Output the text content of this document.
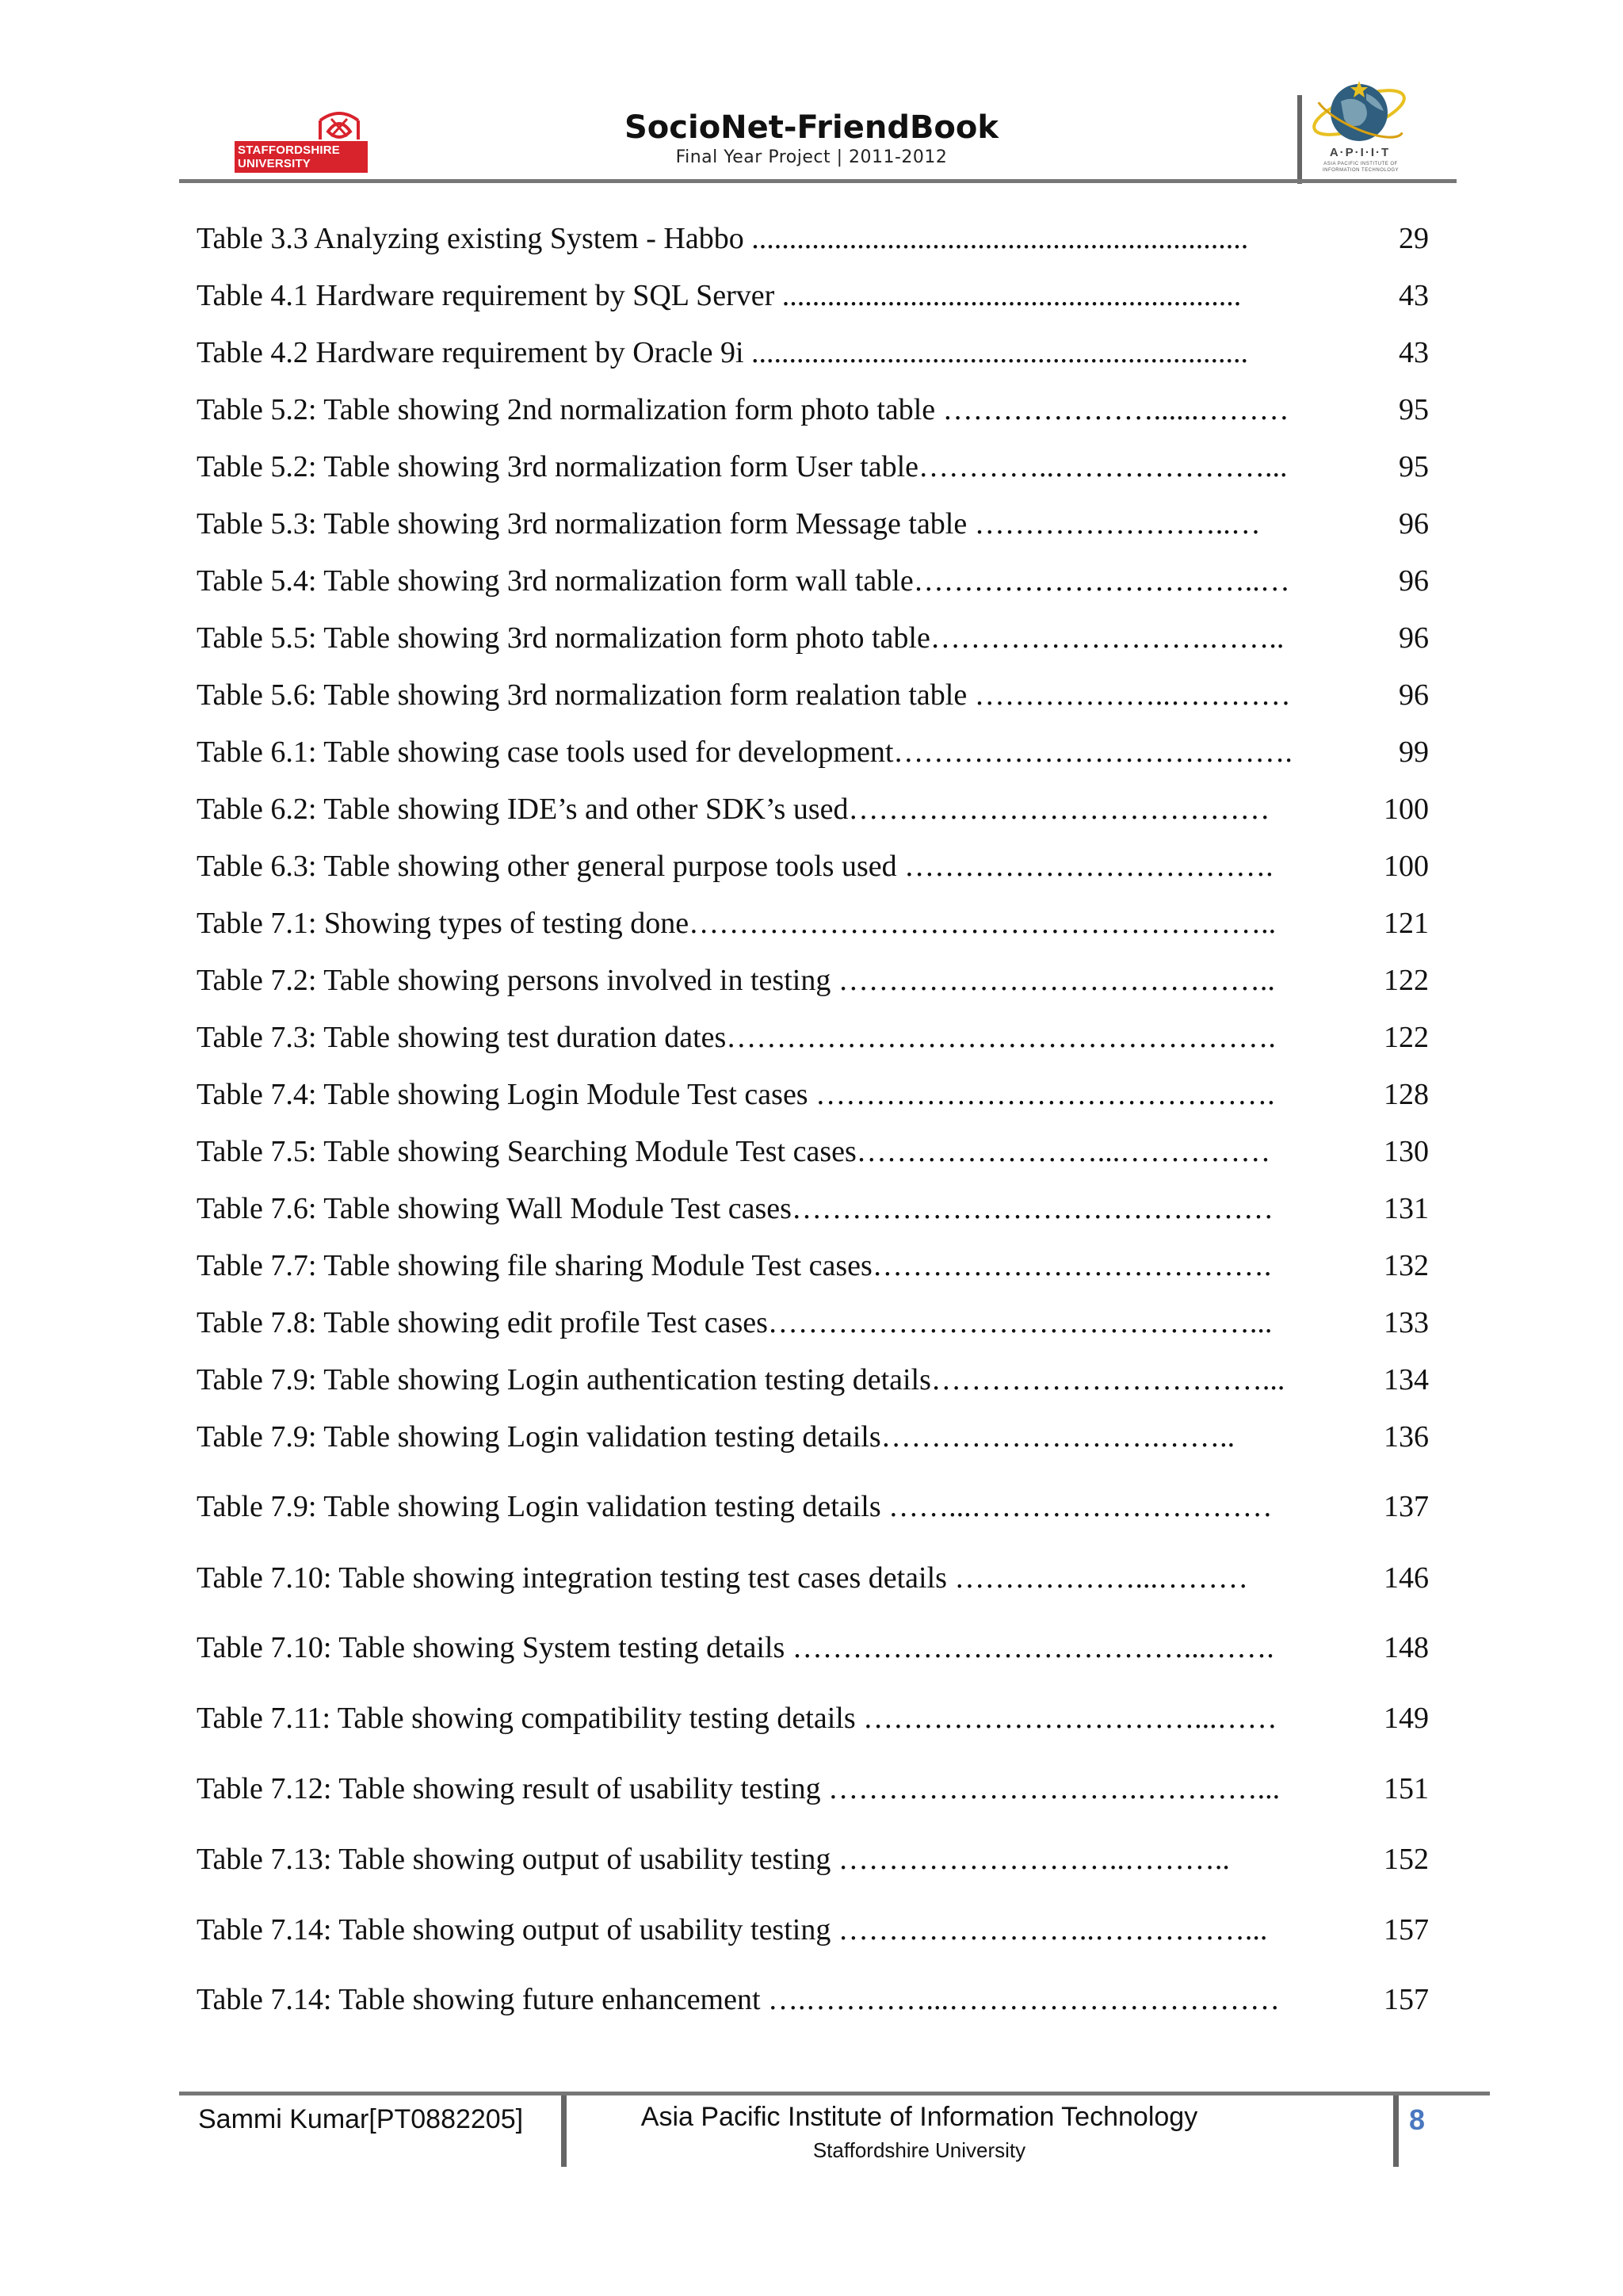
STAFFORDSHIRE UNIVERSITY
SocioNet-FriendBook
Final Year Project | 2011-2012	A·P·I·I·T
ASIA PACIFIC INSTITUTE OF
INFORMATION TECHNOLOGY
Table 3.3 Analyzing existing System - Habbo ..................................................................	29
Table 4.1 Hardware requirement by SQL Server .............................................................	43
Table 4.2 Hardware requirement by Oracle 9i ..................................................................	43
Table 5.2: Table showing 2nd normalization form photo table …………………......………	95
Table 5.2: Table showing 3rd normalization form User table…………..…………………...	95
Table 5.3: Table showing 3rd normalization form Message table ……………………..…	96
Table 5.4: Table showing 3rd normalization form wall table……………………………..…	96
Table 5.5: Table showing 3rd normalization form photo table……………………….……..	96
Table 5.6: Table showing 3rd normalization form realation table ………………..…………	96
Table 6.1: Table showing case tools used for development………………………………….	99
Table 6.2: Table showing IDE’s and other SDK’s used……………………………………	100
Table 6.3: Table showing other general purpose tools used ……………………………….	100
Table 7.1: Showing types of testing done…………………………………………………..	121
Table 7.2: Table showing persons involved in testing ……………………………………..	122
Table 7.3: Table showing test duration dates……………………………………………….	122
Table 7.4: Table showing Login Module Test cases ……………………………………….	128
Table 7.5: Table showing Searching Module Test cases……………………...……………	130
Table 7.6: Table showing Wall Module Test cases…………………………………………	131
Table 7.7: Table showing file sharing Module Test cases………………………………….	132
Table 7.8: Table showing edit profile Test cases…………………………………………...	133
Table 7.9: Table showing Login authentication testing details……………………………...	134
Table 7.9: Table showing Login validation testing details……………………….……..	136
Table 7.9: Table showing Login validation testing details ……...…………………………	137
Table 7.10: Table showing integration testing test cases details ………………...………	146
Table 7.10: Table showing System testing details …………………………………...…….	148
Table 7.11: Table showing compatibility testing details ……………………………...……	149
Table 7.12: Table showing result of usability testing ………………………….…………...	151
Table 7.13: Table showing output of usability testing ………………………..………..	152
Table 7.14: Table showing output of usability testing ……………………..……………...	157
Table 7.14: Table showing future enhancement ….…………...……………………………	157
Sammi Kumar[PT0882205]	Asia Pacific Institute of Information Technology
Staffordshire University
8
